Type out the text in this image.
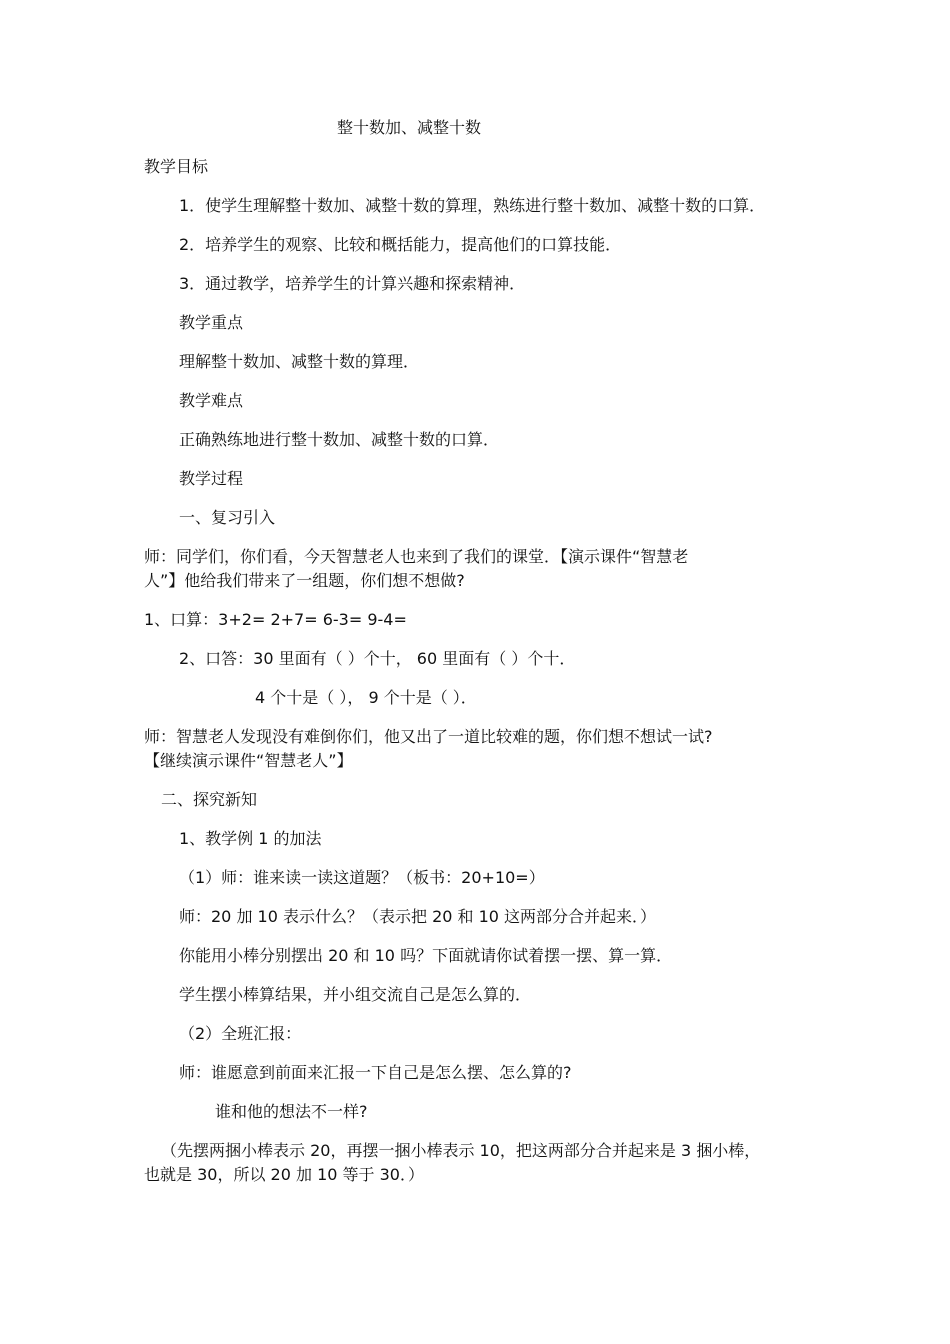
整十数加、减整十数

教学目标

1．使学生理解整十数加、减整十数的算理，熟练进行整十数加、减整十数的口算．

2．培养学生的观察、比较和概括能力，提高他们的口算技能．

3．通过教学，培养学生的计算兴趣和探索精神．

教学重点

理解整十数加、减整十数的算理．

教学难点

正确熟练地进行整十数加、减整十数的口算．

教学过程

一、复习引入

师：同学们，你们看，今天智慧老人也来到了我们的课堂．【演示课件“智慧老

人”】他给我们带来了一组题，你们想不想做?

1、口算：3+2= 2+7= 6-3= 9-4=

2、口答：30 里面有（ ）个十， 60 里面有（ ）个十．

4 个十是（ ）， 9 个十是（ ）．

师：智慧老人发现没有难倒你们，他又出了一道比较难的题，你们想不想试一试?

【继续演示课件“智慧老人”】

二、探究新知

1、教学例 1 的加法

（1）师：谁来读一读这道题？（板书：20+10=）

师：20 加 10 表示什么？（表示把 20 和 10 这两部分合并起来．）

你能用小棒分别摆出 20 和 10 吗？下面就请你试着摆一摆、算一算．

学生摆小棒算结果，并小组交流自己是怎么算的．

（2）全班汇报：

师：谁愿意到前面来汇报一下自己是怎么摆、怎么算的?

谁和他的想法不一样?

（先摆两捆小棒表示 20，再摆一捆小棒表示 10，把这两部分合并起来是 3 捆小棒，

也就是 30，所以 20 加 10 等于 30．）
